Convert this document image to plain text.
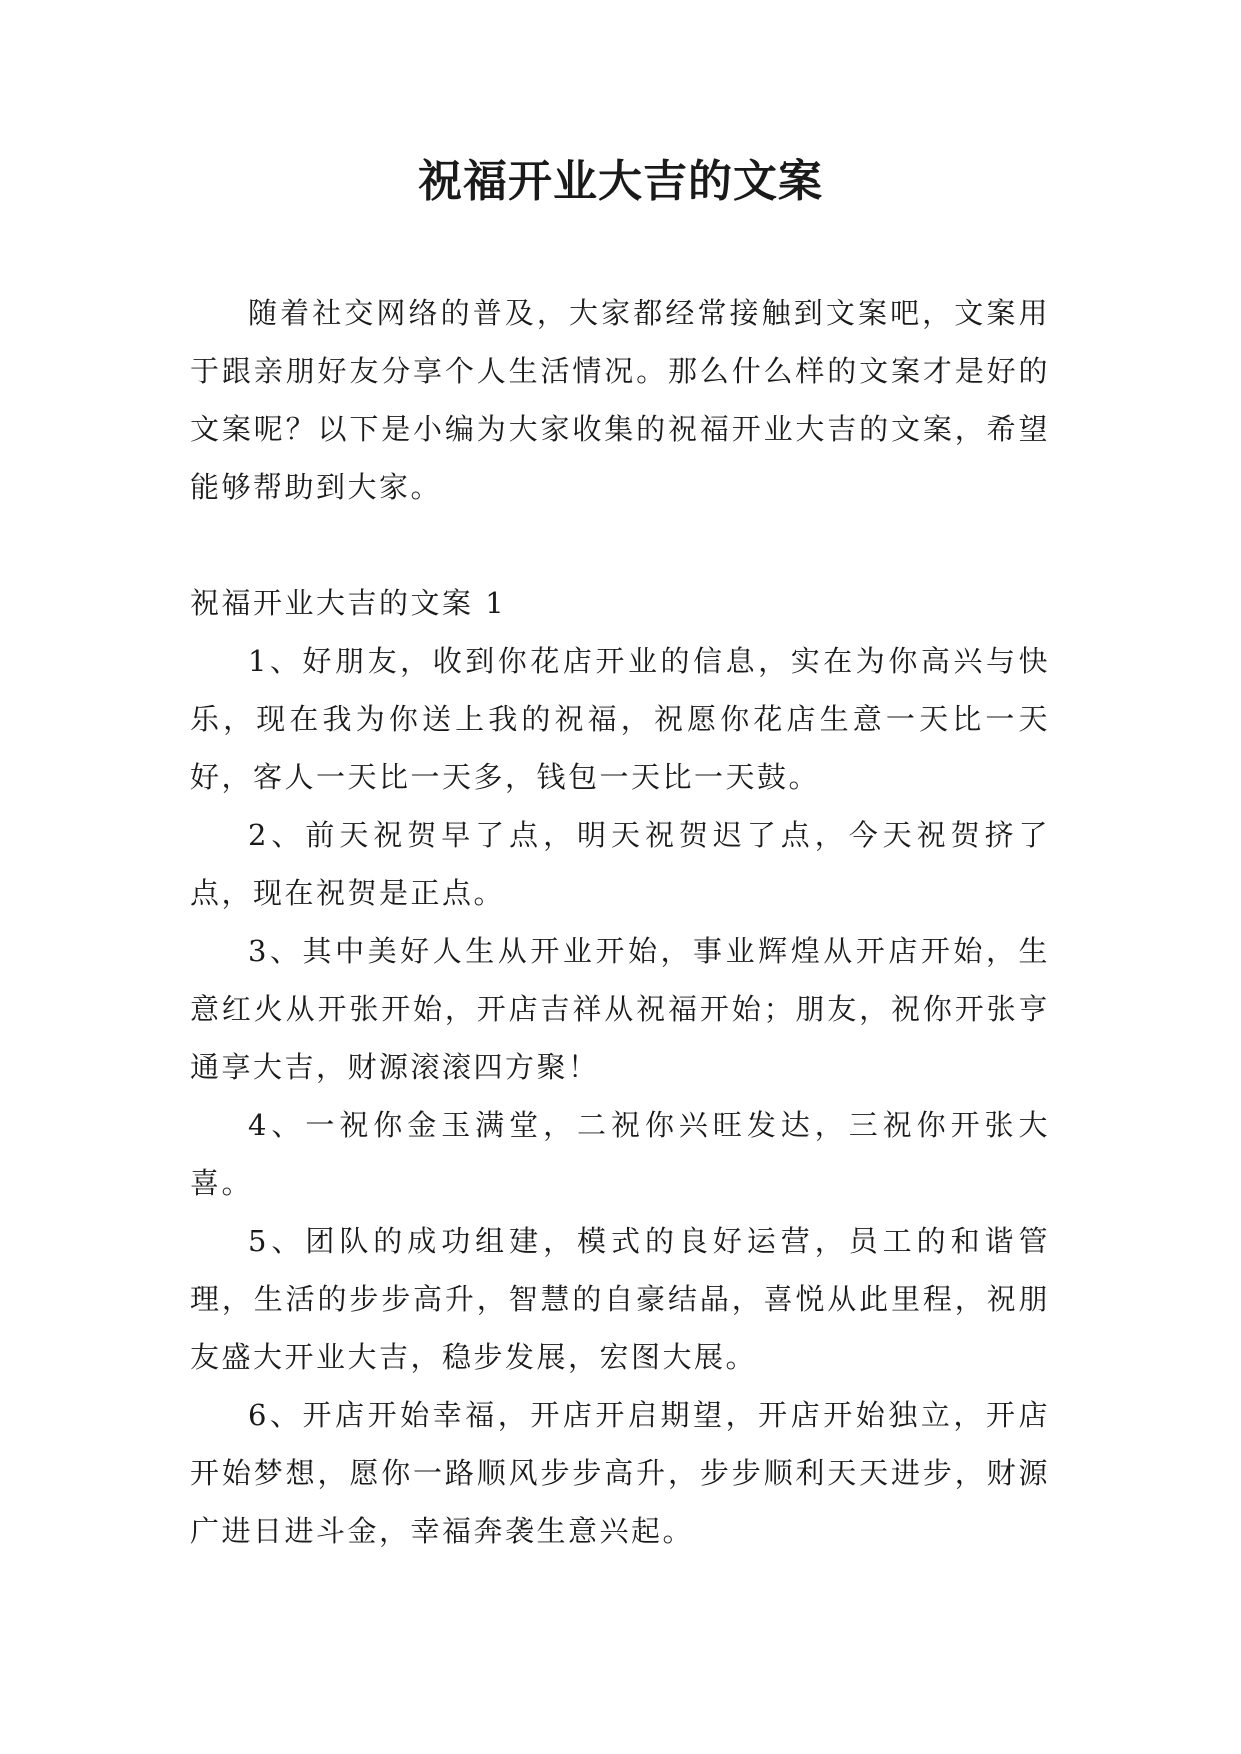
祝福开业大吉的文案

随着社交网络的普及，大家都经常接触到文案吧，文案用于跟亲朋好友分享个人生活情况。那么什么样的文案才是好的文案呢？以下是小编为大家收集的祝福开业大吉的文案，希望能够帮助到大家。

祝福开业大吉的文案 1

1、好朋友，收到你花店开业的信息，实在为你高兴与快乐，现在我为你送上我的祝福，祝愿你花店生意一天比一天好，客人一天比一天多，钱包一天比一天鼓。

2、前天祝贺早了点，明天祝贺迟了点，今天祝贺挤了点，现在祝贺是正点。

3、其中美好人生从开业开始，事业辉煌从开店开始，生意红火从开张开始，开店吉祥从祝福开始；朋友，祝你开张亨通享大吉，财源滚滚四方聚！

4、一祝你金玉满堂，二祝你兴旺发达，三祝你开张大喜。

5、团队的成功组建，模式的良好运营，员工的和谐管理，生活的步步高升，智慧的自豪结晶，喜悦从此里程，祝朋友盛大开业大吉，稳步发展，宏图大展。

6、开店开始幸福，开店开启期望，开店开始独立，开店开始梦想，愿你一路顺风步步高升，步步顺利天天进步，财源广进日进斗金，幸福奔袭生意兴起。
